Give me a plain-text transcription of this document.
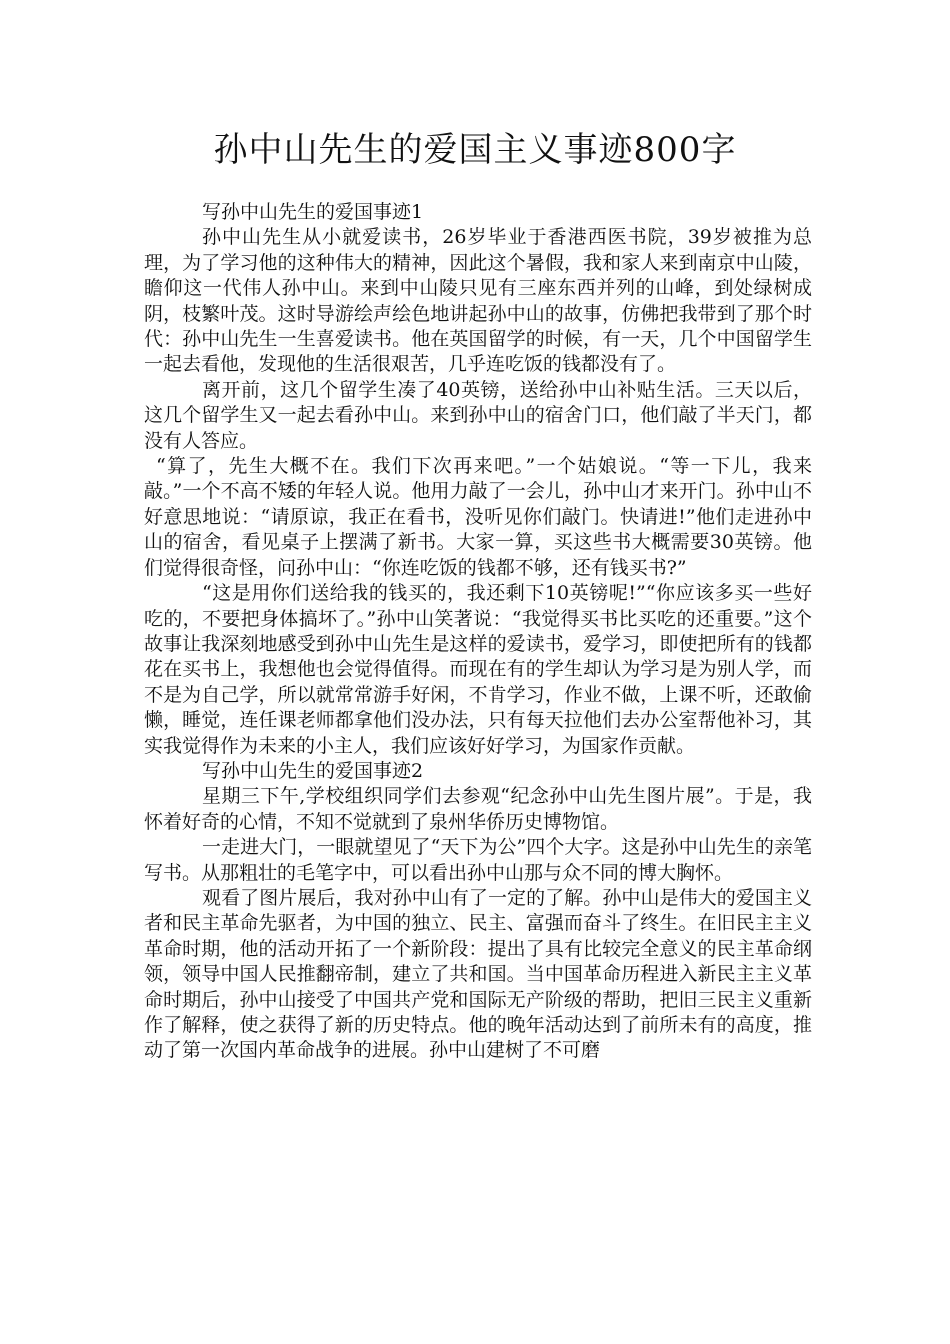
孙中山先生的爱国主义事迹800字

写孙中山先生的爱国事迹1

孙中山先生从小就爱读书，26岁毕业于香港西医书院，39岁被推为总理，为了学习他的这种伟大的精神，因此这个暑假，我和家人来到南京中山陵，瞻仰这一代伟人孙中山。来到中山陵只见有三座东西并列的山峰，到处绿树成阴，枝繁叶茂。这时导游绘声绘色地讲起孙中山的故事，仿佛把我带到了那个时代：孙中山先生一生喜爱读书。他在英国留学的时候，有一天，几个中国留学生一起去看他，发现他的生活很艰苦，几乎连吃饭的钱都没有了。

离开前，这几个留学生凑了40英镑，送给孙中山补贴生活。三天以后，这几个留学生又一起去看孙中山。来到孙中山的宿舍门口，他们敲了半天门，都没有人答应。

“算了，先生大概不在。我们下次再来吧。”一个姑娘说。“等一下儿，我来敲。”一个不高不矮的年轻人说。他用力敲了一会儿，孙中山才来开门。孙中山不好意思地说：“请原谅，我正在看书，没听见你们敲门。快请进!”他们走进孙中山的宿舍，看见桌子上摆满了新书。大家一算，买这些书大概需要30英镑。他们觉得很奇怪，问孙中山：“你连吃饭的钱都不够，还有钱买书?”

“这是用你们送给我的钱买的，我还剩下10英镑呢!”“你应该多买一些好吃的，不要把身体搞坏了。”孙中山笑著说：“我觉得买书比买吃的还重要。”这个故事让我深刻地感受到孙中山先生是这样的爱读书，爱学习，即使把所有的钱都花在买书上，我想他也会觉得值得。而现在有的学生却认为学习是为别人学，而不是为自己学，所以就常常游手好闲，不肯学习，作业不做，上课不听，还敢偷懒，睡觉，连任课老师都拿他们没办法，只有每天拉他们去办公室帮他补习，其实我觉得作为未来的小主人，我们应该好好学习，为国家作贡献。

写孙中山先生的爱国事迹2

星期三下午,学校组织同学们去参观“纪念孙中山先生图片展”。于是，我怀着好奇的心情，不知不觉就到了泉州华侨历史博物馆。

一走进大门，一眼就望见了“天下为公”四个大字。这是孙中山先生的亲笔写书。从那粗壮的毛笔字中，可以看出孙中山那与众不同的博大胸怀。

观看了图片展后，我对孙中山有了一定的了解。孙中山是伟大的爱国主义者和民主革命先驱者，为中国的独立、民主、富强而奋斗了终生。在旧民主主义革命时期，他的活动开拓了一个新阶段：提出了具有比较完全意义的民主革命纲领，领导中国人民推翻帝制，建立了共和国。当中国革命历程进入新民主主义革命时期后，孙中山接受了中国共产党和国际无产阶级的帮助，把旧三民主义重新作了解释，使之获得了新的历史特点。他的晚年活动达到了前所未有的高度，推动了第一次国内革命战争的进展。孙中山建树了不可磨
